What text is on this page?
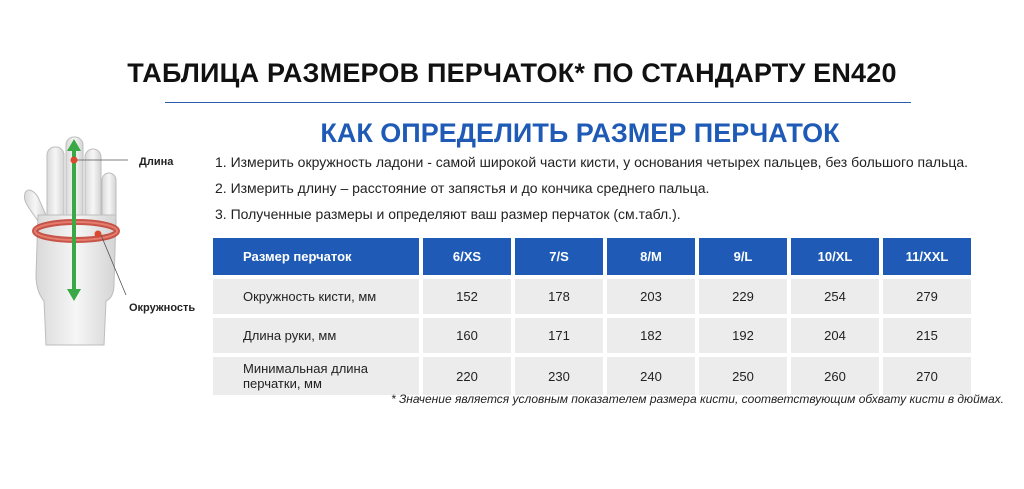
ТАБЛИЦА РАЗМЕРОВ ПЕРЧАТОК* ПО СТАНДАРТУ EN420
КАК ОПРЕДЕЛИТЬ РАЗМЕР ПЕРЧАТОК
1. Измерить окружность ладони - самой широкой части кисти, у основания четырех пальцев, без большого пальца.
2. Измерить длину – расстояние от запястья и до кончика среднего пальца.
3. Полученные размеры и определяют ваш размер перчаток (см.табл.).
Длина
Окружность
Размер перчаток	6/XS	7/S	8/M	9/L	10/XL	11/XXL
Окружность кисти, мм	152	178	203	229	254	279
Длина руки, мм	160	171	182	192	204	215
Минимальная длина перчатки, мм	220	230	240	250	260	270
* Значение является условным показателем размера кисти, соответствующим обхвату кисти в дюймах.
